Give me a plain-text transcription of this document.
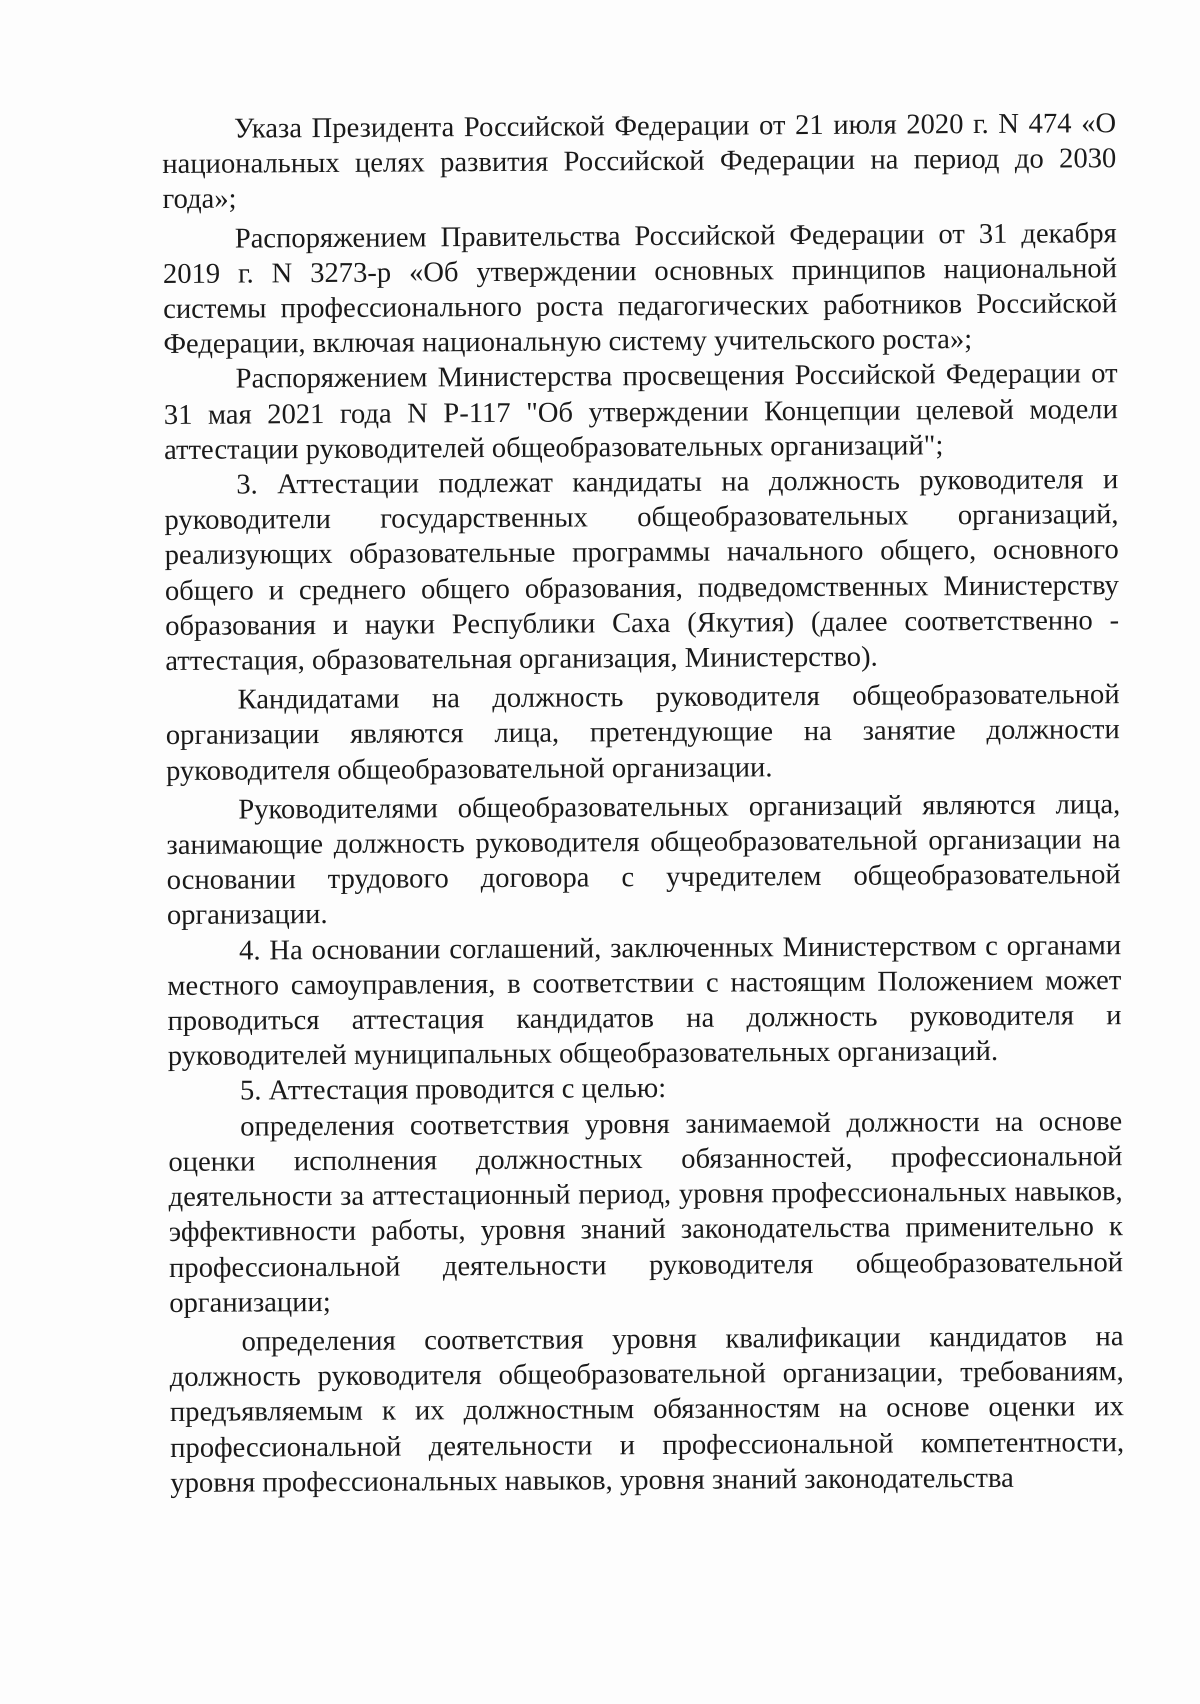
Указа Президента Российской Федерации от 21 июля 2020 г. N 474 «О национальных целях развития Российской Федерации на период до 2030 года»;

Распоряжением Правительства Российской Федерации от 31 декабря 2019 г. N 3273-р «Об утверждении основных принципов национальной системы профессионального роста педагогических работников Российской Федерации, включая национальную систему учительского роста»;

Распоряжением Министерства просвещения Российской Федерации от 31 мая 2021 года N Р-117 "Об утверждении Концепции целевой модели аттестации руководителей общеобразовательных организаций";

3. Аттестации подлежат кандидаты на должность руководителя и руководители государственных общеобразовательных организаций, реализующих образовательные программы начального общего, основного общего и среднего общего образования, подведомственных Министерству образования и науки Республики Саха (Якутия) (далее соответственно - аттестация, образовательная организация, Министерство).

Кандидатами на должность руководителя общеобразовательной организации являются лица, претендующие на занятие должности руководителя общеобразовательной организации.

Руководителями общеобразовательных организаций являются лица, занимающие должность руководителя общеобразовательной организации на основании трудового договора с учредителем общеобразовательной организации.

4. На основании соглашений, заключенных Министерством с органами местного самоуправления, в соответствии с настоящим Положением может проводиться аттестация кандидатов на должность руководителя и руководителей муниципальных общеобразовательных организаций.

5. Аттестация проводится с целью:

определения соответствия уровня занимаемой должности на основе оценки исполнения должностных обязанностей, профессиональной деятельности за аттестационный период, уровня профессиональных навыков, эффективности работы, уровня знаний законодательства применительно к профессиональной деятельности руководителя общеобразовательной организации;

определения соответствия уровня квалификации кандидатов на должность руководителя общеобразовательной организации, требованиям, предъявляемым к их должностным обязанностям на основе оценки их профессиональной деятельности и профессиональной компетентности, уровня профессиональных навыков, уровня знаний законодательства
